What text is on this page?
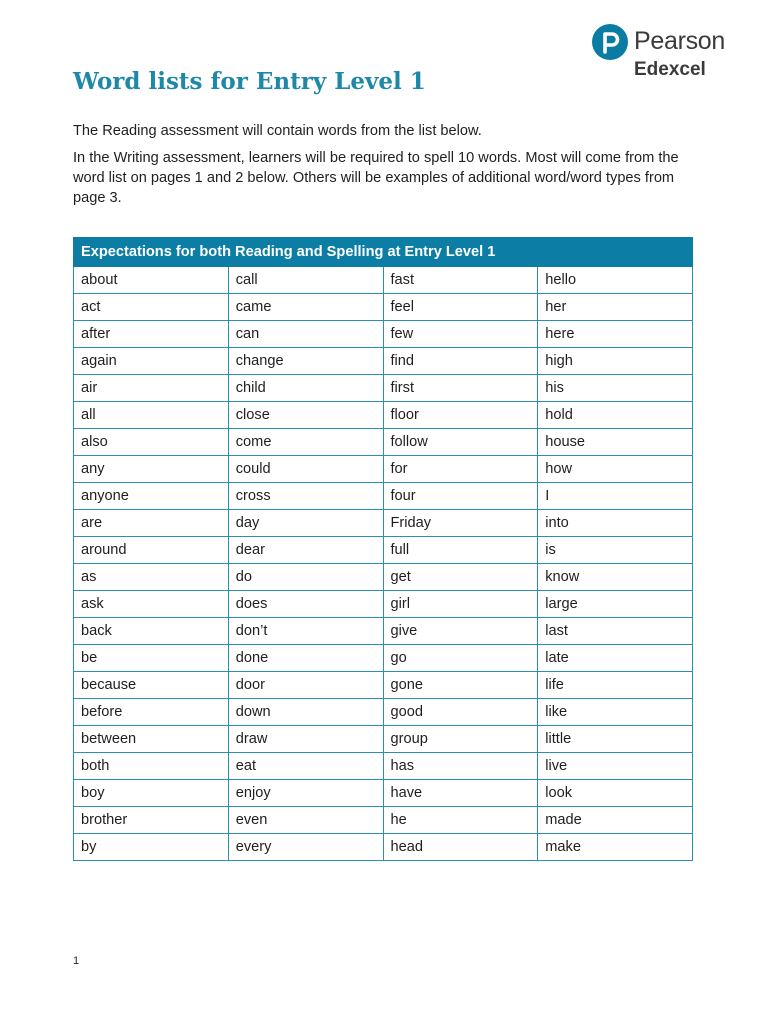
Pearson
Edexcel
Word lists for Entry Level 1

The Reading assessment will contain words from the list below.

In the Writing assessment, learners will be required to spell 10 words. Most will come from the word list on pages 1 and 2 below. Others will be examples of additional word/word types from page 3.

Expectations for both Reading and Spelling at Entry Level 1			
about	call	fast	hello
act	came	feel	her
after	can	few	here
again	change	find	high
air	child	first	his
all	close	floor	hold
also	come	follow	house
any	could	for	how
anyone	cross	four	I
are	day	Friday	into
around	dear	full	is
as	do	get	know
ask	does	girl	large
back	don’t	give	last
be	done	go	late
because	door	gone	life
before	down	good	like
between	draw	group	little
both	eat	has	live
boy	enjoy	have	look
brother	even	he	made
by	every	head	make
1
